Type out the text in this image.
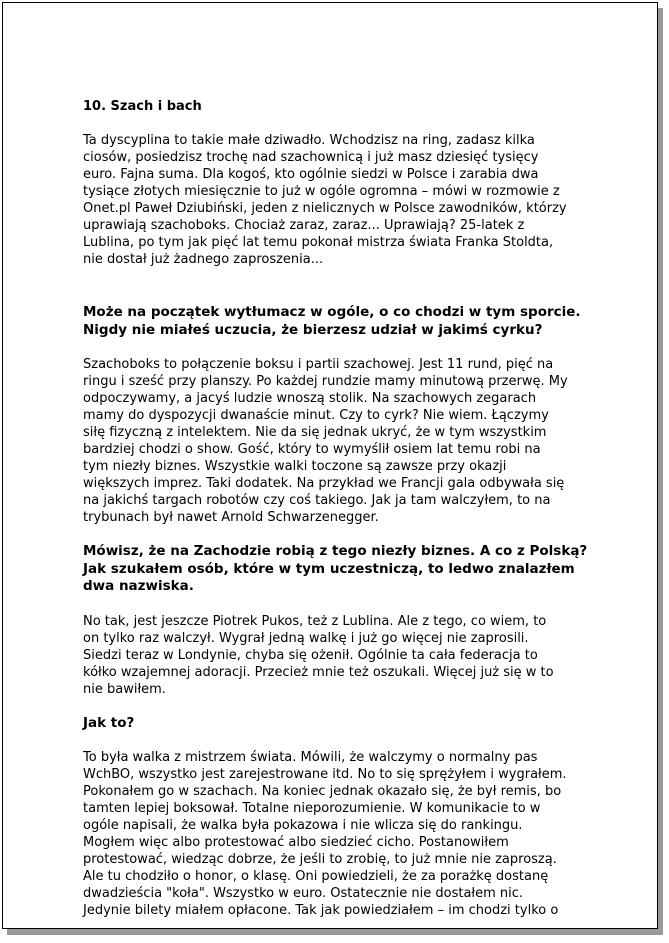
10. Szach i bach

Ta dyscyplina to takie małe dziwadło. Wchodzisz na ring, zadasz kilka
ciosów, posiedzisz trochę nad szachownicą i już masz dziesięć tysięcy
euro. Fajna suma. Dla kogoś, kto ogólnie siedzi w Polsce i zarabia dwa
tysiące złotych miesięcznie to już w ogóle ogromna – mówi w rozmowie z
Onet.pl Paweł Dziubiński, jeden z nielicznych w Polsce zawodników, którzy
uprawiają szachoboks. Chociaż zaraz, zaraz... Uprawiają? 25-latek z
Lublina, po tym jak pięć lat temu pokonał mistrza świata Franka Stoldta,
nie dostał już żadnego zaproszenia...

Może na początek wytłumacz w ogóle, o co chodzi w tym sporcie.
Nigdy nie miałeś uczucia, że bierzesz udział w jakimś cyrku?

Szachoboks to połączenie boksu i partii szachowej. Jest 11 rund, pięć na
ringu i sześć przy planszy. Po każdej rundzie mamy minutową przerwę. My
odpoczywamy, a jacyś ludzie wnoszą stolik. Na szachowych zegarach
mamy do dyspozycji dwanaście minut. Czy to cyrk? Nie wiem. Łączymy
siłę fizyczną z intelektem. Nie da się jednak ukryć, że w tym wszystkim
bardziej chodzi o show. Gość, który to wymyślił osiem lat temu robi na
tym niezły biznes. Wszystkie walki toczone są zawsze przy okazji
większych imprez. Taki dodatek. Na przykład we Francji gala odbywała się
na jakichś targach robotów czy coś takiego. Jak ja tam walczyłem, to na
trybunach był nawet Arnold Schwarzenegger.

Mówisz, że na Zachodzie robią z tego niezły biznes. A co z Polską?
Jak szukałem osób, które w tym uczestniczą, to ledwo znalazłem
dwa nazwiska.

No tak, jest jeszcze Piotrek Pukos, też z Lublina. Ale z tego, co wiem, to
on tylko raz walczył. Wygrał jedną walkę i już go więcej nie zaprosili.
Siedzi teraz w Londynie, chyba się ożenił. Ogólnie ta cała federacja to
kółko wzajemnej adoracji. Przecież mnie też oszukali. Więcej już się w to
nie bawiłem.

Jak to?

To była walka z mistrzem świata. Mówili, że walczymy o normalny pas
WchBO, wszystko jest zarejestrowane itd. No to się sprężyłem i wygrałem.
Pokonałem go w szachach. Na koniec jednak okazało się, że był remis, bo
tamten lepiej boksował. Totalne nieporozumienie. W komunikacie to w
ogóle napisali, że walka była pokazowa i nie wlicza się do rankingu.
Mogłem więc albo protestować albo siedzieć cicho. Postanowiłem
protestować, wiedząc dobrze, że jeśli to zrobię, to już mnie nie zaproszą.
Ale tu chodziło o honor, o klasę. Oni powiedzieli, że za porażkę dostanę
dwadzieścia "koła". Wszystko w euro. Ostatecznie nie dostałem nic.
Jedynie bilety miałem opłacone. Tak jak powiedziałem – im chodzi tylko o
